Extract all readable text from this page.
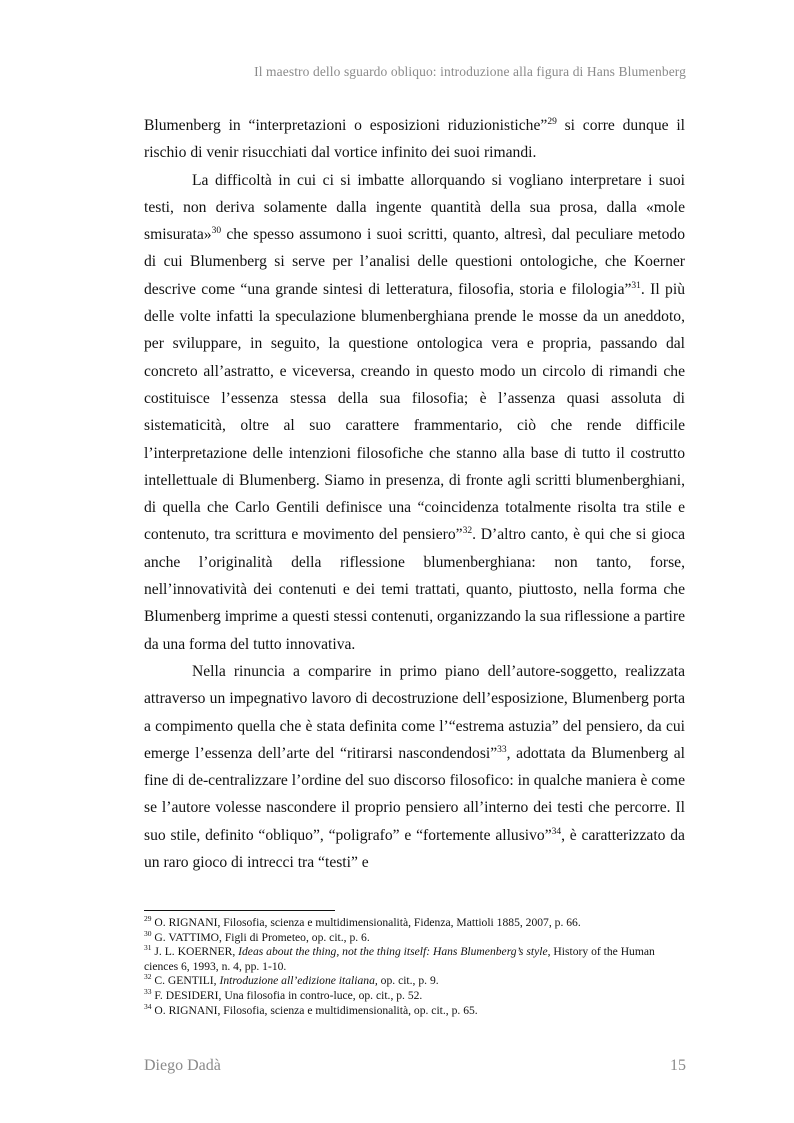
Il maestro dello sguardo obliquo: introduzione alla figura di Hans Blumenberg

Blumenberg in “interpretazioni o esposizioni riduzionistiche”$^{29}$ si corre dunque il rischio di venir risucchiati dal vortice infinito dei suoi rimandi.

La difficoltà in cui ci si imbatte allorquando si vogliano interpretare i suoi testi, non deriva solamente dalla ingente quantità della sua prosa, dalla «mole smisurata»$^{30}$ che spesso assumono i suoi scritti, quanto, altresì, dal peculiare metodo di cui Blumenberg si serve per l’analisi delle questioni ontologiche, che Koerner descrive come “una grande sintesi di letteratura, filosofia, storia e filologia”$^{31}$. Il più delle volte infatti la speculazione blumenberghiana prende le mosse da un aneddoto, per sviluppare, in seguito, la questione ontologica vera e propria, passando dal concreto all’astratto, e viceversa, creando in questo modo un circolo di rimandi che costituisce l’essenza stessa della sua filosofia; è l’assenza quasi assoluta di sistematicità, oltre al suo carattere frammentario, ciò che rende difficile l’interpretazione delle intenzioni filosofiche che stanno alla base di tutto il costrutto intellettuale di Blumenberg. Siamo in presenza, di fronte agli scritti blumenberghiani, di quella che Carlo Gentili definisce una “coincidenza totalmente risolta tra stile e contenuto, tra scrittura e movimento del pensiero”$^{32}$. D’altro canto, è qui che si gioca anche l’originalità della riflessione blumenberghiana: non tanto, forse, nell’innovatività dei contenuti e dei temi trattati, quanto, piuttosto, nella forma che Blumenberg imprime a questi stessi contenuti, organizzando la sua riflessione a partire da una forma del tutto innovativa.

Nella rinuncia a comparire in primo piano dell’autore-soggetto, realizzata attraverso un impegnativo lavoro di decostruzione dell’esposizione, Blumenberg porta a compimento quella che è stata definita come l’“estrema astuzia” del pensiero, da cui emerge l’essenza dell’arte del “ritirarsi nascondendosi”$^{33}$, adottata da Blumenberg al fine di de-centralizzare l’ordine del suo discorso filosofico: in qualche maniera è come se l’autore volesse nascondere il proprio pensiero all’interno dei testi che percorre. Il suo stile, definito “obliquo”, “poligrafo” e “fortemente allusivo”$^{34}$, è caratterizzato da un raro gioco di intrecci tra “testi” e

$^{29}$ O. RIGNANI, Filosofia, scienza e multidimensionalità, Fidenza, Mattioli 1885, 2007, p. 66.

$^{30}$ G. VATTIMO, Figli di Prometeo, op. cit., p. 6.

$^{31}$ J. L. KOERNER, Ideas about the thing, not the thing itself: Hans Blumenberg’s style, History of the Human ciences 6, 1993, n. 4, pp. 1-10.

$^{32}$ C. GENTILI, Introduzione all’edizione italiana, op. cit., p. 9.

$^{33}$ F. DESIDERI, Una filosofia in contro-luce, op. cit., p. 52.

$^{34}$ O. RIGNANI, Filosofia, scienza e multidimensionalità, op. cit., p. 65.

Diego Dadà	15
